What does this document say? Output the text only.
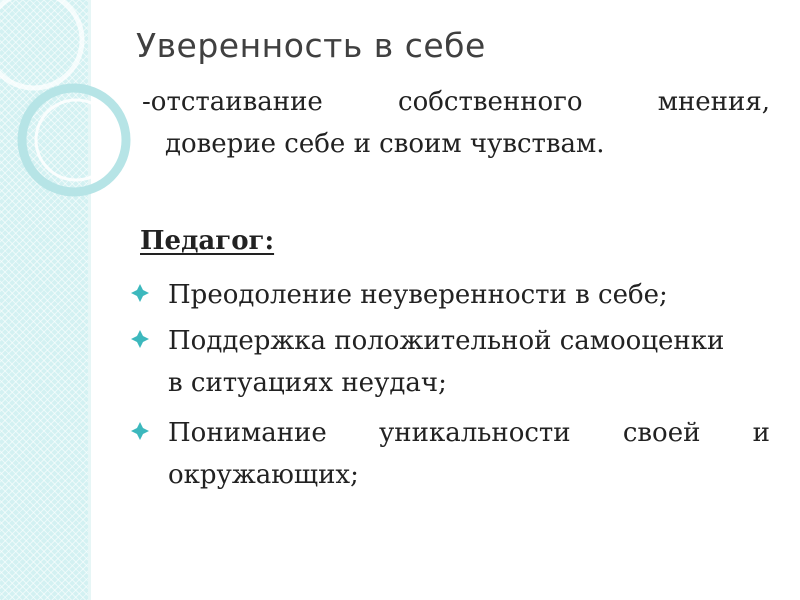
Уверенность в себе
-отстаивание собственного мнения,
доверие себе и своим чувствам.
Педагог:
Преодоление неуверенности в себе;
Поддержка положительной самооценки
в ситуациях неудач;
Понимание уникальности своей и
окружающих;
